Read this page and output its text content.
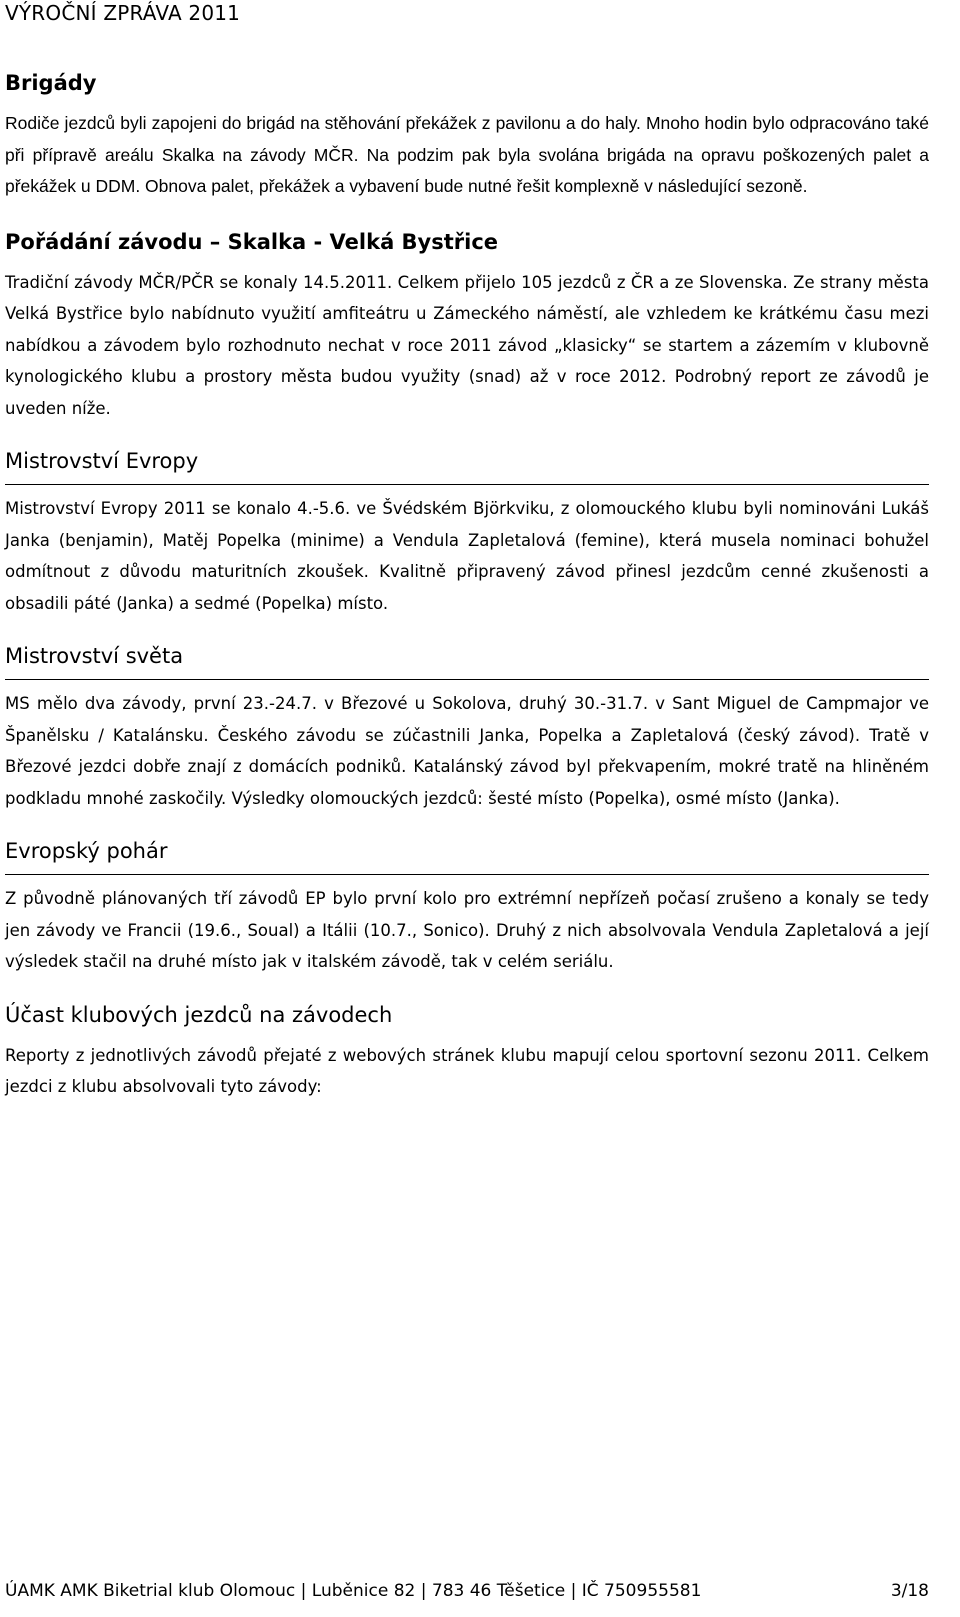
VÝROČNÍ ZPRÁVA 2011
Brigády

Rodiče jezdců byli zapojeni do brigád na stěhování překážek z pavilonu a do haly. Mnoho hodin bylo odpracováno také při přípravě areálu Skalka na závody MČR. Na podzim pak byla svolána brigáda na opravu poškozených palet a překážek u DDM. Obnova palet, překážek a vybavení bude nutné řešit komplexně v následující sezoně.

Pořádání závodu – Skalka - Velká Bystřice

Tradiční závody MČR/PČR se konaly 14.5.2011. Celkem přijelo 105 jezdců z ČR a ze Slovenska. Ze strany města Velká Bystřice bylo nabídnuto využití amfiteátru u Zámeckého náměstí, ale vzhledem ke krátkému času mezi nabídkou a závodem bylo rozhodnuto nechat v roce 2011 závod „klasicky“ se startem a zázemím v klubovně kynologického klubu a prostory města budou využity (snad) až v roce 2012. Podrobný report ze závodů je uveden níže.

Mistrovství Evropy

Mistrovství Evropy 2011 se konalo 4.-5.6. ve Švédském Björkviku, z olomouckého klubu byli nominováni Lukáš Janka (benjamin), Matěj Popelka (minime) a Vendula Zapletalová (femine), která musela nominaci bohužel odmítnout z důvodu maturitních zkoušek. Kvalitně připravený závod přinesl jezdcům cenné zkušenosti a obsadili páté (Janka) a sedmé (Popelka) místo.

Mistrovství světa

MS mělo dva závody, první 23.-24.7. v Březové u Sokolova, druhý 30.-31.7. v Sant Miguel de Campmajor ve Španělsku / Katalánsku. Českého závodu se zúčastnili Janka, Popelka a Zapletalová (český závod). Tratě v Březové jezdci dobře znají z domácích podniků. Katalánský závod byl překvapením, mokré tratě na hliněném podkladu mnohé zaskočily. Výsledky olomouckých jezdců: šesté místo (Popelka), osmé místo (Janka).

Evropský pohár

Z původně plánovaných tří závodů EP bylo první kolo pro extrémní nepřízeň počasí zrušeno a konaly se tedy jen závody ve Francii (19.6., Soual) a Itálii (10.7., Sonico). Druhý z nich absolvovala Vendula Zapletalová a její výsledek stačil na druhé místo jak v italském závodě, tak v celém seriálu.

Účast klubových jezdců na závodech

Reporty z jednotlivých závodů přejaté z webových stránek klubu mapují celou sportovní sezonu 2011. Celkem jezdci z klubu absolvovali tyto závody:

ÚAMK AMK Biketrial klub Olomouc | Luběnice 82 | 783 46 Těšetice | IČ 750955581	3/18
